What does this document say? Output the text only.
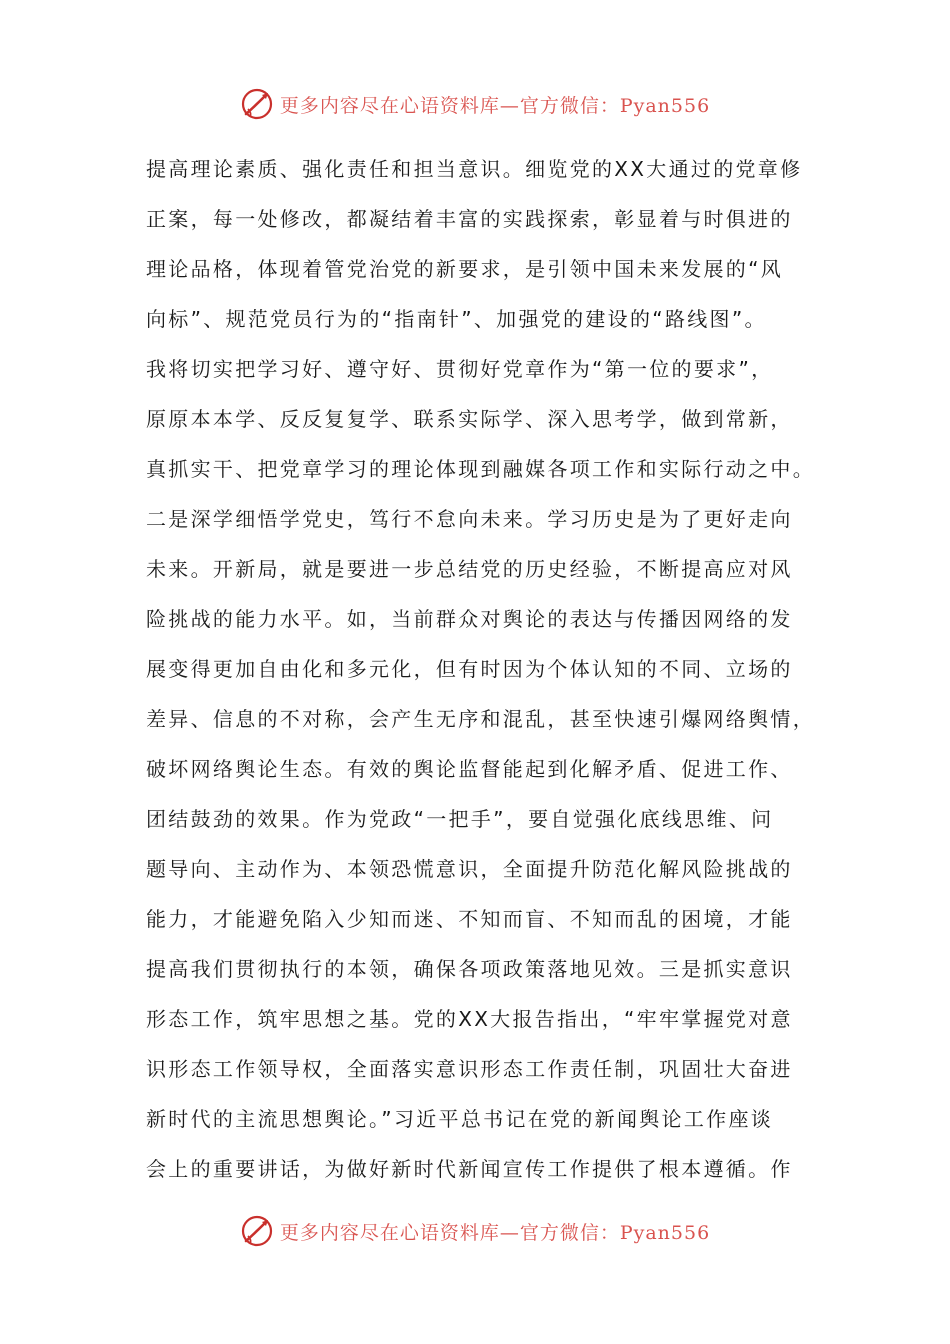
更多内容尽在心语资料库—官方微信：Pyan556
提高理论素质、强化责任和担当意识。细览党的XX大通过的党章修
正案，每一处修改，都凝结着丰富的实践探索，彰显着与时俱进的
理论品格，体现着管党治党的新要求，是引领中国未来发展的“风
向标”、规范党员行为的“指南针”、加强党的建设的“路线图”。
我将切实把学习好、遵守好、贯彻好党章作为“第一位的要求”，
原原本本学、反反复复学、联系实际学、深入思考学，做到常新，
真抓实干、把党章学习的理论体现到融媒各项工作和实际行动之中。
二是深学细悟学党史，笃行不怠向未来。学习历史是为了更好走向
未来。开新局，就是要进一步总结党的历史经验，不断提高应对风
险挑战的能力水平。如，当前群众对舆论的表达与传播因网络的发
展变得更加自由化和多元化，但有时因为个体认知的不同、立场的
差异、信息的不对称，会产生无序和混乱，甚至快速引爆网络舆情，
破坏网络舆论生态。有效的舆论监督能起到化解矛盾、促进工作、
团结鼓劲的效果。作为党政“一把手”，要自觉强化底线思维、问
题导向、主动作为、本领恐慌意识，全面提升防范化解风险挑战的
能力，才能避免陷入少知而迷、不知而盲、不知而乱的困境，才能
提高我们贯彻执行的本领，确保各项政策落地见效。三是抓实意识
形态工作，筑牢思想之基。党的XX大报告指出，“牢牢掌握党对意
识形态工作领导权，全面落实意识形态工作责任制，巩固壮大奋进
新时代的主流思想舆论。”习近平总书记在党的新闻舆论工作座谈
会上的重要讲话，为做好新时代新闻宣传工作提供了根本遵循。作
更多内容尽在心语资料库—官方微信：Pyan556
